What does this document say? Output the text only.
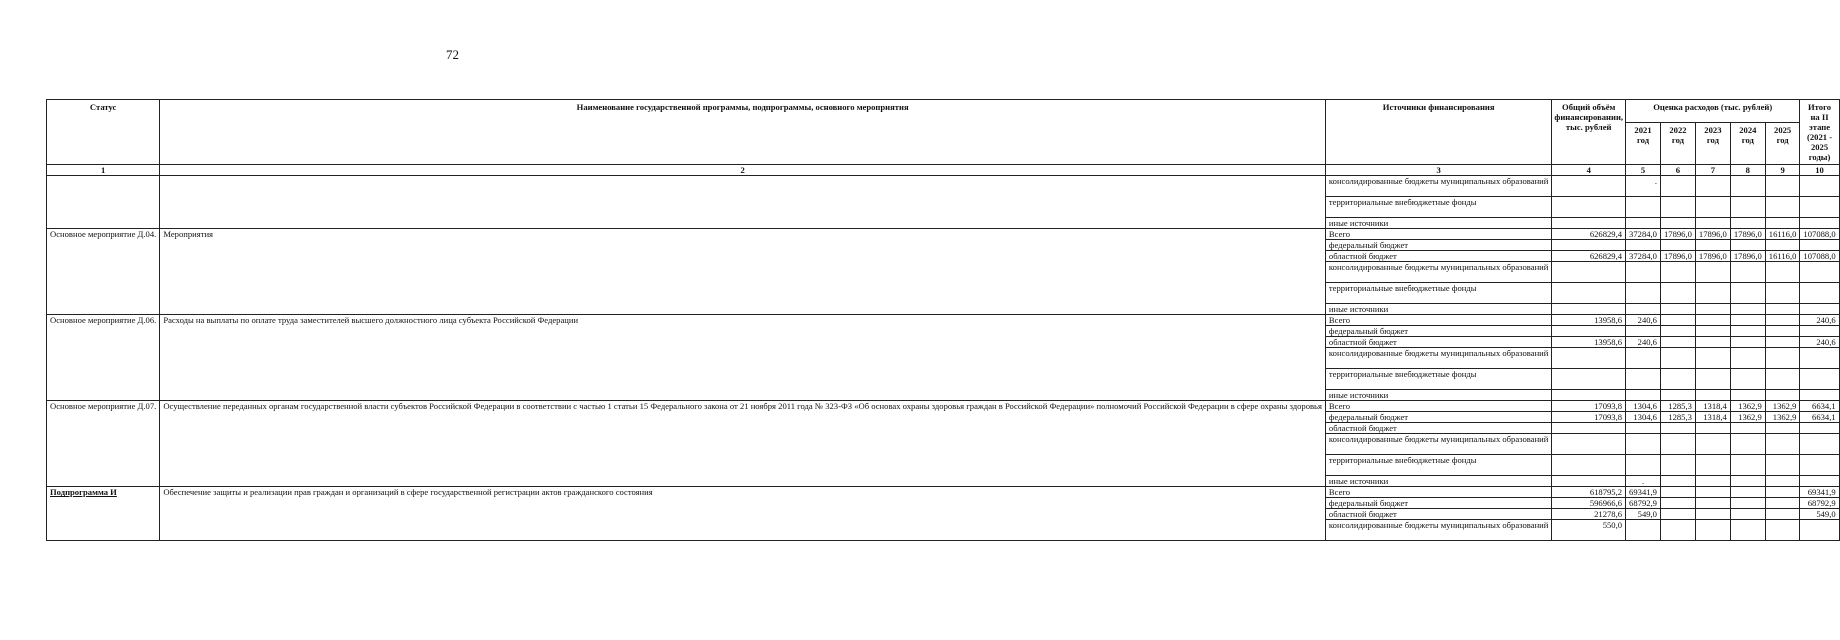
72
Статус	Наименование государственной программы, подпрограммы, основного мероприятия	Источники финансирования	Общий объём финансировании, тыс. рублей	Оценка расходов (тыс. рублей)					Итого на II этапе (2021 - 2025 годы)
				2021 год	2022 год	2023 год	2024 год	2025 год	
1	2	3	4	5	6	7	8	9	10
		консолидированные бюджеты муниципальных образований		.					
		территориальные внебюджетные фонды							
		иные источники							
Основное мероприятие Д.04.	Мероприятия	Всего	626829,4	37284,0	17896,0	17896,0	17896,0	16116,0	107088,0
		федеральный бюджет							
		областной бюджет	626829,4	37284,0	17896,0	17896,0	17896,0	16116,0	107088,0
		консолидированные бюджеты муниципальных образований							
		территориальные внебюджетные фонды							
		иные источники							
Основное мероприятие Д.06.	Расходы на выплаты по оплате труда заместителей высшего должностного лица субъекта Российской Федерации	Всего	13958,6	240,6					240,6
		федеральный бюджет							
		областной бюджет	13958,6	240,6					240,6
		консолидированные бюджеты муниципальных образований							
		территориальные внебюджетные фонды							
		иные источники							
Основное мероприятие Д.07.	Осуществление переданных органам государственной власти субъектов Российской Федерации в соответствии с частью 1 статьи 15 Федерального закона от 21 ноября 2011 года № 323-ФЗ «Об основах охраны здоровья граждан в Российской Федерации» полномочий Российской Федерации в сфере охраны здоровья	Всего	17093,8	1304,6	1285,3	1318,4	1362,9	1362,9	6634,1
		федеральный бюджет	17093,8	1304,6	1285,3	1318,4	1362,9	1362,9	6634,1
		областной бюджет							
		консолидированные бюджеты муниципальных образований							
		территориальные внебюджетные фонды							
		иные источники		.					
Подпрограмма И	Обеспечение защиты и реализации прав граждан и организаций в сфере государственной регистрации актов гражданского состояния	Всего	618795,2	69341,9					69341,9
		федеральный бюджет	596966,6	68792,9					68792,9
		областной бюджет	21278,6	549,0					549,0
		консолидированные бюджеты муниципальных образований	550,0						
